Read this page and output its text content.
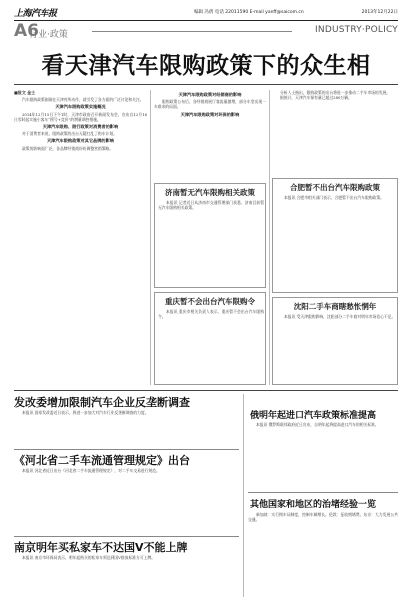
上海汽车报	编辑 冯倩 电话 22011590 E-mail yanff@saicom.cn	2013年12月22日
A6
行业·政策	INDUSTRY·POLICY
看天津汽车限购政策下的众生相
■报文 金士

汽车限购政策刚刚在天津有所动作，就引发了各方面的广泛讨论和关注。

天津汽车限购政策实施概况

2014年12月15日下午1时，天津市政府召开新闻发布会，宣布自12月16日零时起实施小客车“摇号+竞价”的增量调控措施。

天津汽车限购、限行政策对消费者的影响

对于消费者来说，限购政策的出台无疑打乱了购车计划。

天津汽车限购政策对其它品牌的影响

政策的影响面广泛，各品牌经销商纷纷调整营销策略。

天津汽车限购政策对经销商的影响

限购政策公布后，各经销商展厅客流量激增，部分车型出现一车难求的局面。

天津汽车限购政策对环保的影响

分析人士指出，限购政策的出台将进一步推动二手车市场的发展。

据统计，天津汽车保有量已超过280万辆。

济南暂无汽车限购相关政策

本报讯 记者近日从济南市交通管理部门获悉，济南目前暂无汽车限购相关政策。

重庆暂不会出台汽车限购令

本报讯 重庆市相关负责人表示，重庆暂不会出台汽车限购令。

合肥暂不出台汽车限购政策

本报讯 合肥市相关部门表示，合肥暂不出台汽车限购政策。

沈阳二手车商瞎愁怅惘年

本报讯 受天津限购影响，沈阳部分二手车商对明年市场信心不足。

发改委增加限制汽车企业反垄断调查

本报讯 国家发改委近日表示，将进一步加大对汽车行业反垄断调查的力度。

《河北省二手车流通管理规定》出台

本报讯 河北省近日出台《河北省二手车流通管理规定》，对二手车交易进行规范。

南京明年买私家车不达国V不能上牌

本报讯 南京市环保局表示，明年起购买的私家车须达到国V排放标准方可上牌。

俄明年起进口汽车政策标准提高

本报讯 俄罗斯联邦政府近日宣布，自明年起将提高进口汽车的相关标准。

其他国家和地区的治堵经验一览

新加坡：实行拥车证制度，控制车辆增长。伦敦：征收拥堵费。东京：大力发展公共交通。
